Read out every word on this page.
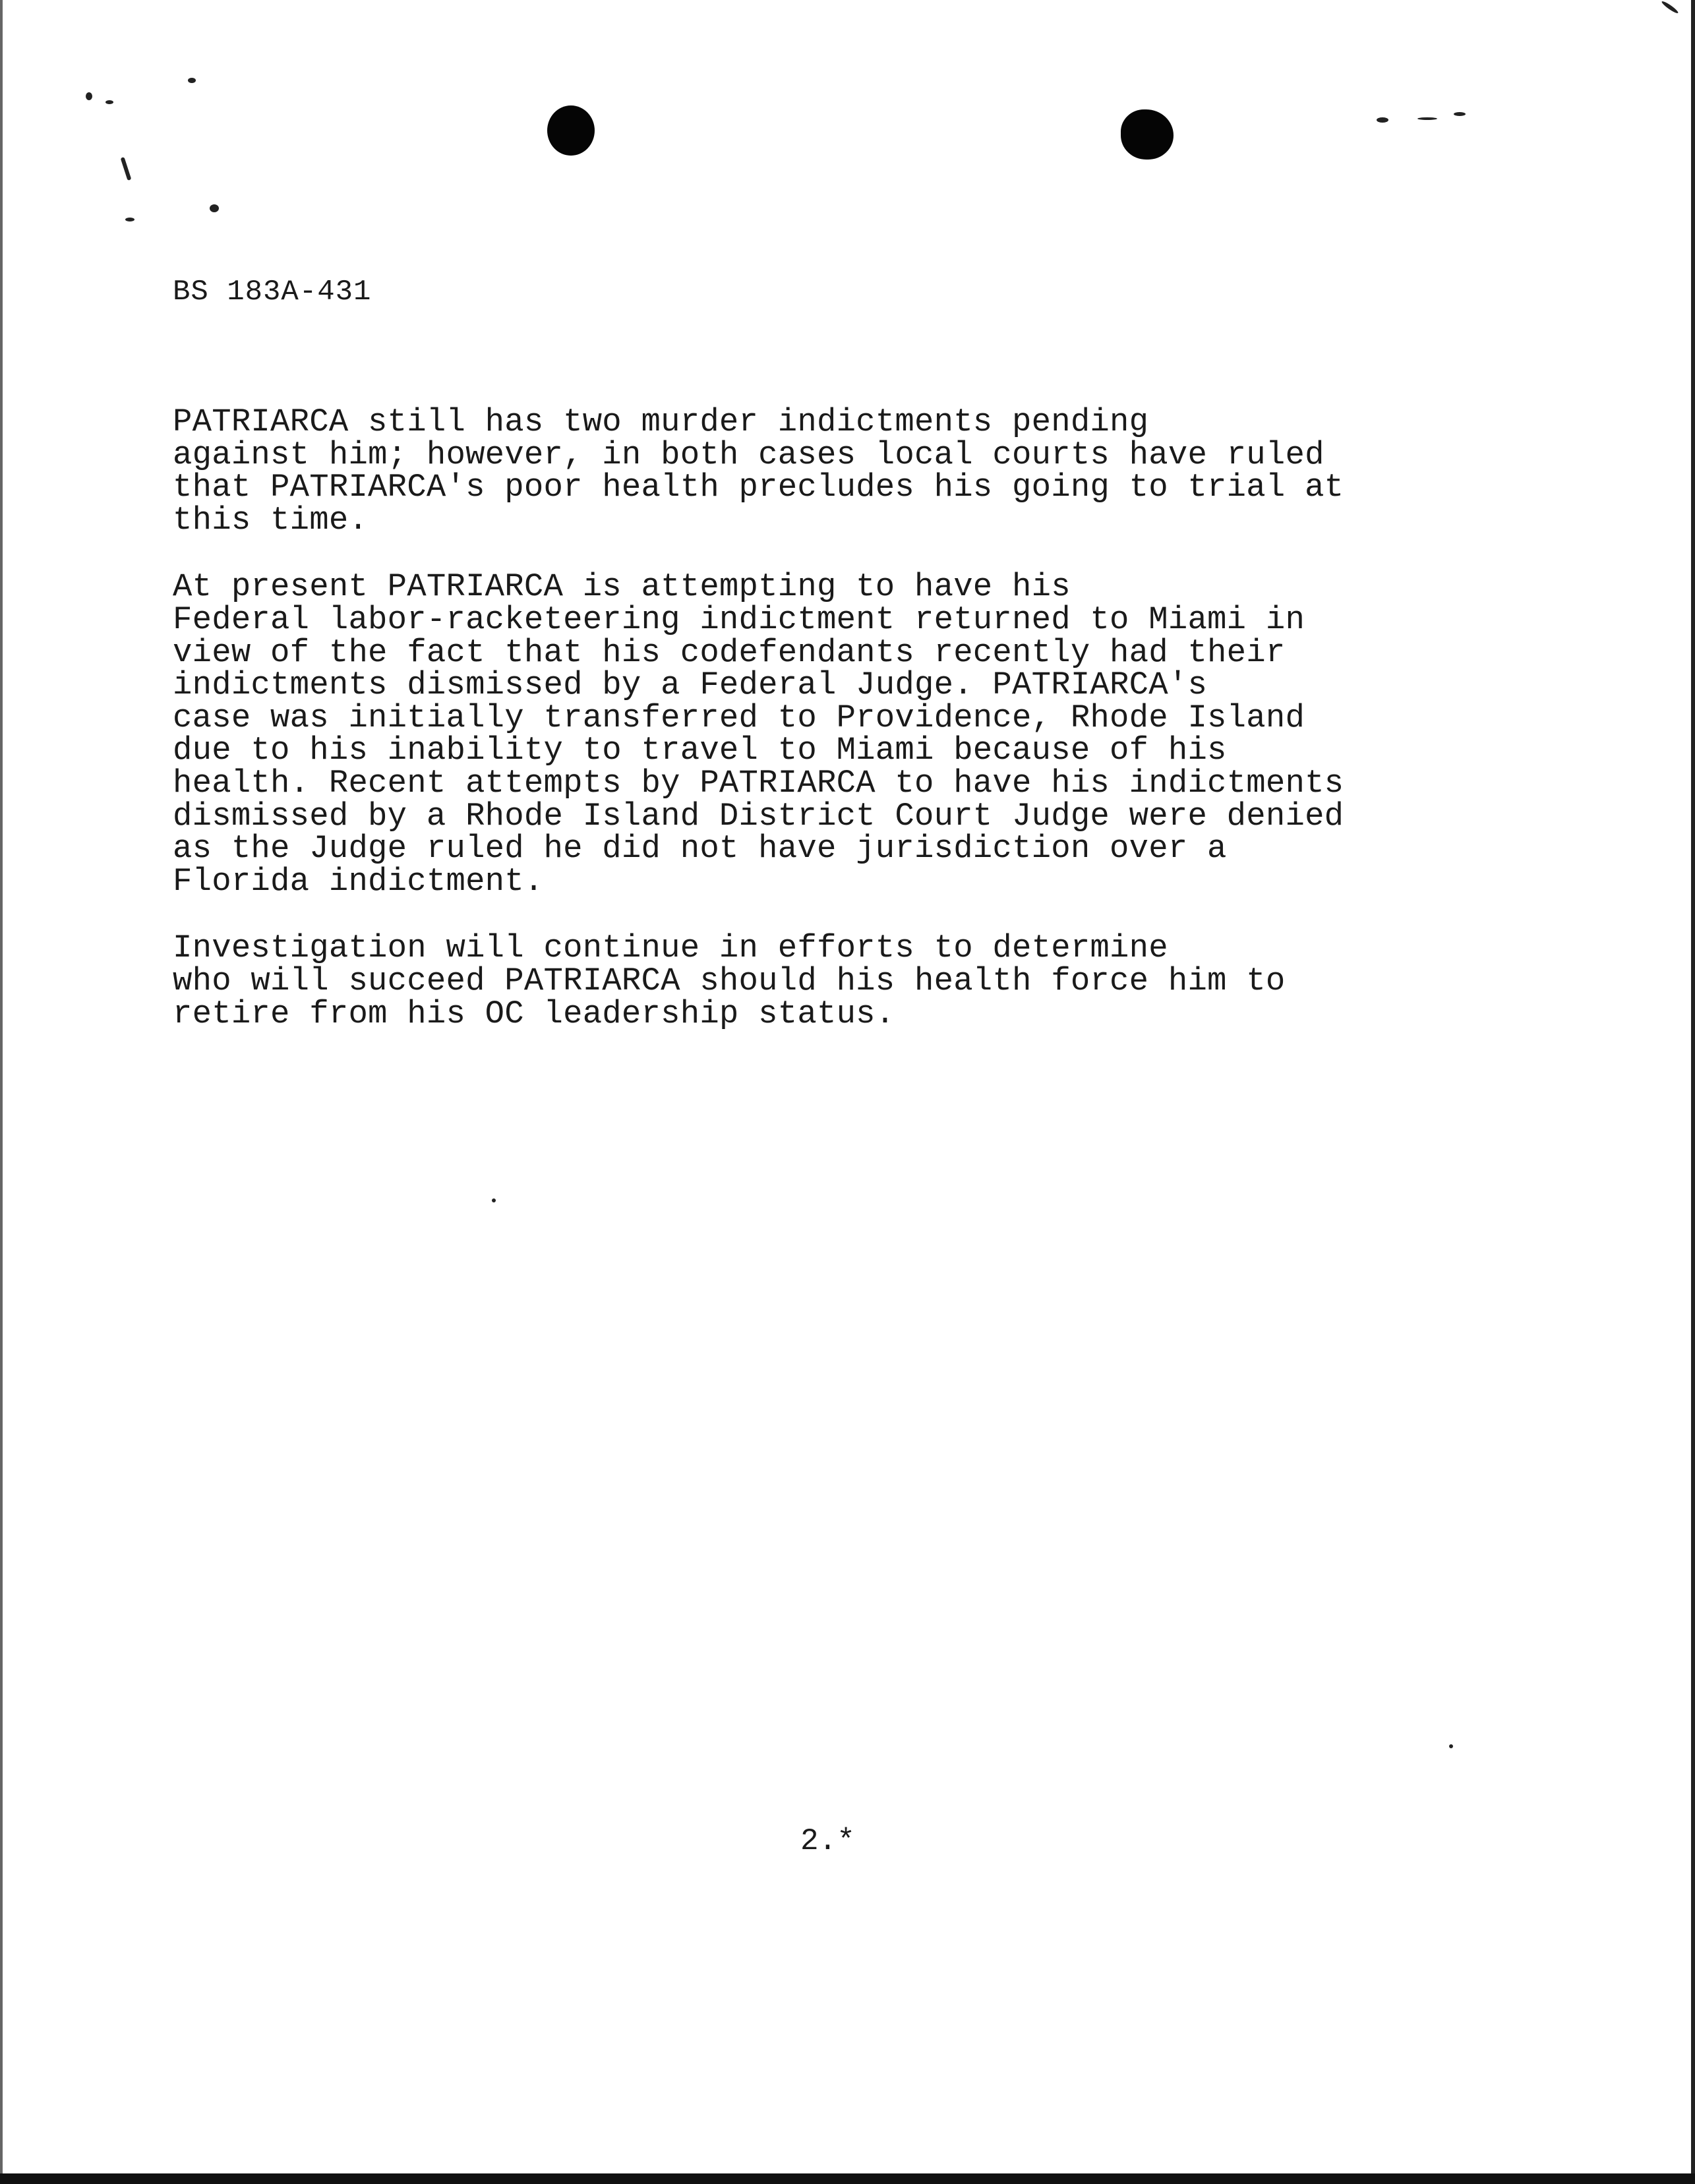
BS 183A-431

PATRIARCA still has two murder indictments pending
against him; however, in both cases local courts have ruled
that PATRIARCA's poor health precludes his going to trial at
this time.

At present PATRIARCA is attempting to have his
Federal labor-racketeering indictment returned to Miami in
view of the fact that his codefendants recently had their
indictments dismissed by a Federal Judge. PATRIARCA's
case was initially transferred to Providence, Rhode Island
due to his inability to travel to Miami because of his
health. Recent attempts by PATRIARCA to have his indictments
dismissed by a Rhode Island District Court Judge were denied
as the Judge ruled he did not have jurisdiction over a
Florida indictment.

Investigation will continue in efforts to determine
who will succeed PATRIARCA should his health force him to
retire from his OC leadership status.

2.*
